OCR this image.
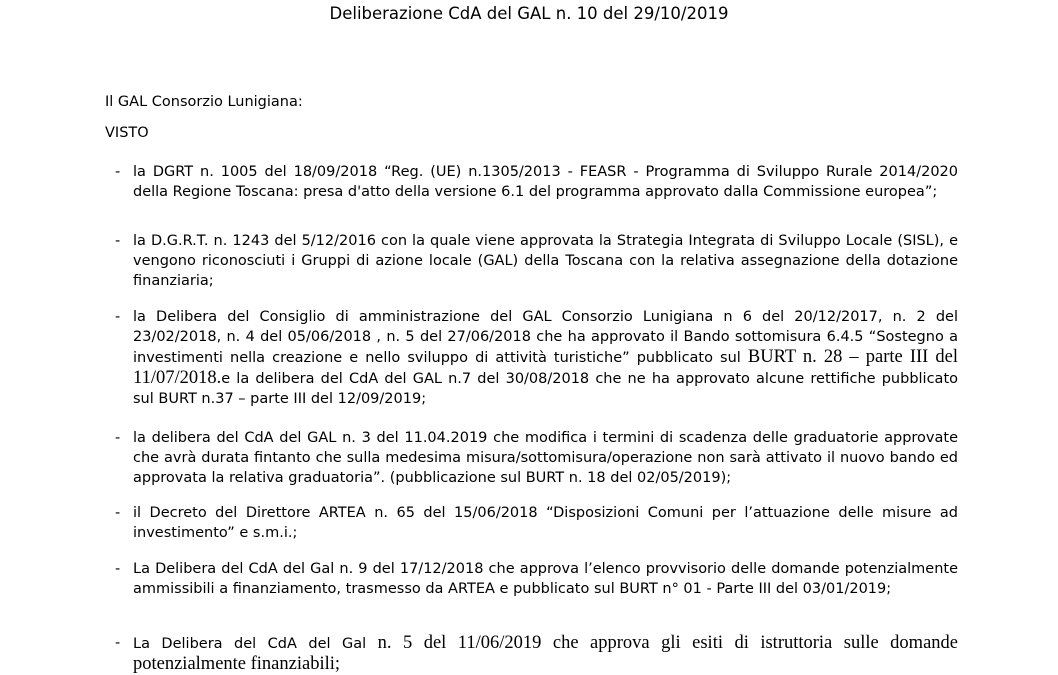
Deliberazione CdA del GAL n. 10 del 29/10/2019
Il GAL Consorzio Lunigiana:
VISTO
- la DGRT n. 1005 del 18/09/2018 “Reg. (UE) n.1305/2013 - FEASR - Programma di Sviluppo Rurale 2014/2020 della Regione Toscana: presa d'atto della versione 6.1 del programma approvato dalla Commissione europea”;
- la D.G.R.T. n. 1243 del 5/12/2016 con la quale viene approvata la Strategia Integrata di Sviluppo Locale (SISL), e vengono riconosciuti i Gruppi di azione locale (GAL) della Toscana con la relativa assegnazione della dotazione finanziaria;
- la Delibera del Consiglio di amministrazione del GAL Consorzio Lunigiana n 6 del 20/12/2017, n. 2 del 23/02/2018, n. 4 del 05/06/2018 , n. 5 del 27/06/2018 che ha approvato il Bando sottomisura 6.4.5 “Sostegno a investimenti nella creazione e nello sviluppo di attività turistiche” pubblicato sul BURT n. 28 – parte III del 11/07/2018.e la delibera del CdA del GAL n.7 del 30/08/2018 che ne ha approvato alcune rettifiche pubblicato sul BURT n.37 – parte III del 12/09/2019;
- la delibera del CdA del GAL n. 3 del 11.04.2019 che modifica i termini di scadenza delle graduatorie approvate che avrà durata fintanto che sulla medesima misura/sottomisura/operazione non sarà attivato il nuovo bando ed approvata la relativa graduatoria”. (pubblicazione sul BURT n. 18 del 02/05/2019);
- il Decreto del Direttore ARTEA n. 65 del 15/06/2018 “Disposizioni Comuni per l’attuazione delle misure ad investimento” e s.m.i.;
- La Delibera del CdA del Gal n. 9 del 17/12/2018 che approva l’elenco provvisorio delle domande potenzialmente ammissibili a finanziamento, trasmesso da ARTEA e pubblicato sul BURT n° 01 - Parte III del 03/01/2019;
- La Delibera del CdA del Gal n. 5 del 11/06/2019 che approva gli esiti di istruttoria sulle domande potenzialmente finanziabili;
